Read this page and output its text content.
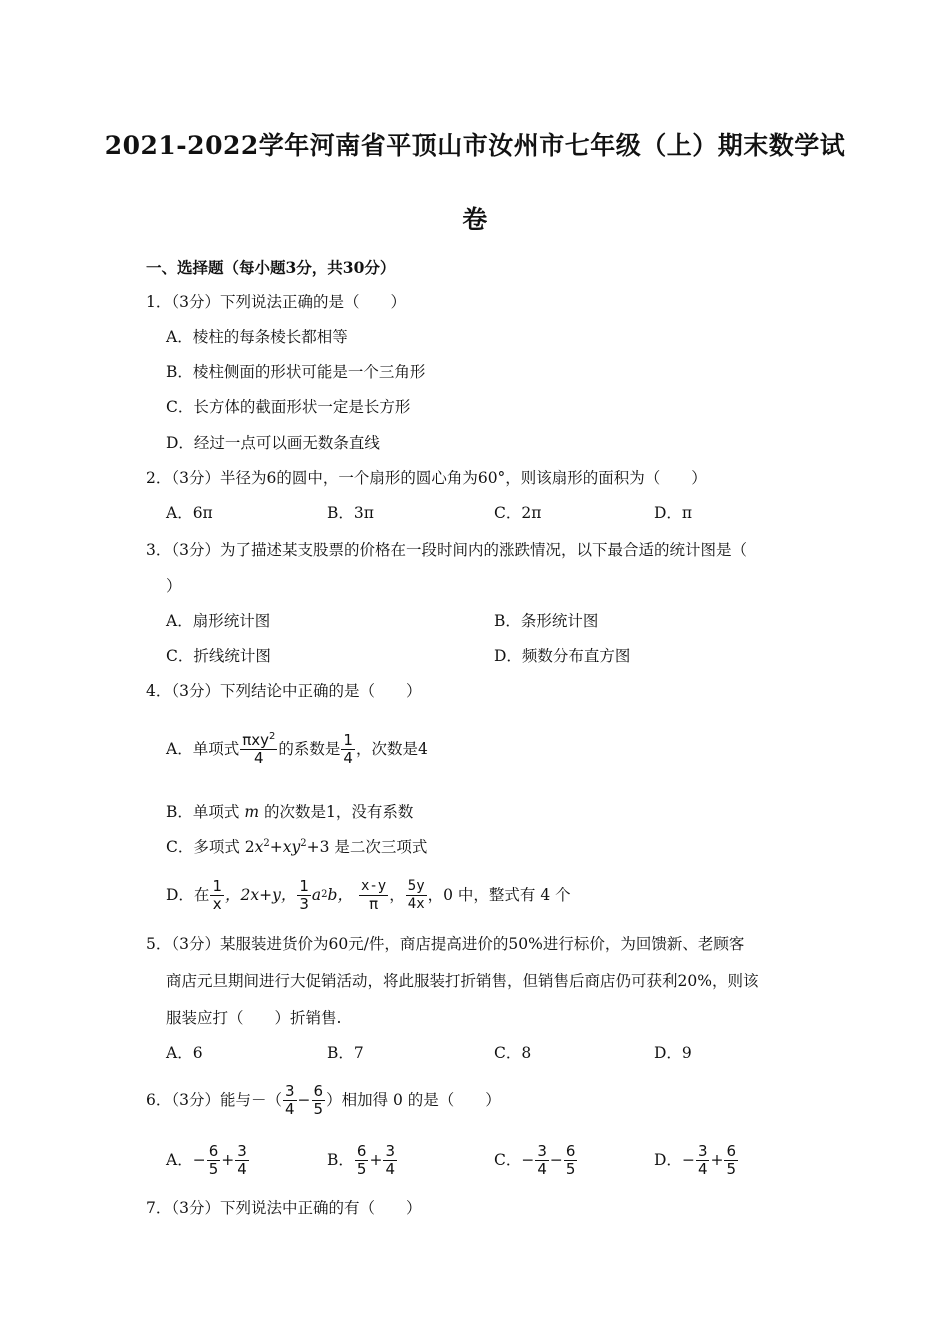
2021-2022学年河南省平顶山市汝州市七年级（上）期末数学试
卷
一、选择题（每小题3分，共30分）
1．（3分）下列说法正确的是（　　）
A．棱柱的每条棱长都相等
B．棱柱侧面的形状可能是一个三角形
C．长方体的截面形状一定是长方形
D．经过一点可以画无数条直线
2．（3分）半径为6的圆中，一个扇形的圆心角为60°，则该扇形的面积为（　　）
A．6π	B．3π	C．2π	D．π
3．（3分）为了描述某支股票的价格在一段时间内的涨跌情况，以下最合适的统计图是（
）
A．扇形统计图	B．条形统计图
C．折线统计图	D．频数分布直方图
4．（3分）下列结论中正确的是（　　）
A．单项式 $\frac{\pi xy^2}{4}$ 的系数是 $\frac{1}{4}$ ，次数是4
B．单项式 m 的次数是1，没有系数
C．多项式 $2x^2+xy^2+3$ 是二次三项式
D．在 $\frac{1}{x}$ ，2x+y， $\frac{1}{3}$ a 2 b， $\frac{x-y}{\pi}$ ， $\frac{5y}{4x}$ ，0 中，整式有 4 个
5．（3分）某服装进货价为60元/件，商店提高进价的50%进行标价，为回馈新、老顾客
商店元旦期间进行大促销活动，将此服装打折销售，但销售后商店仍可获利20%，则该
服装应打（　　）折销售.
A．6	B．7	C．8	D．9
6．（3分）能与－（ $\frac{3}{4} - \frac{6}{5}$ ）相加得 0 的是（　　）
A． − $\frac{6}{5} + \frac{3}{4}$	B． $\frac{6}{5} + \frac{3}{4}$	C． − $\frac{3}{4} - \frac{6}{5}$	D． − $\frac{3}{4} + \frac{6}{5}$
7．（3分）下列说法中正确的有（　　）
